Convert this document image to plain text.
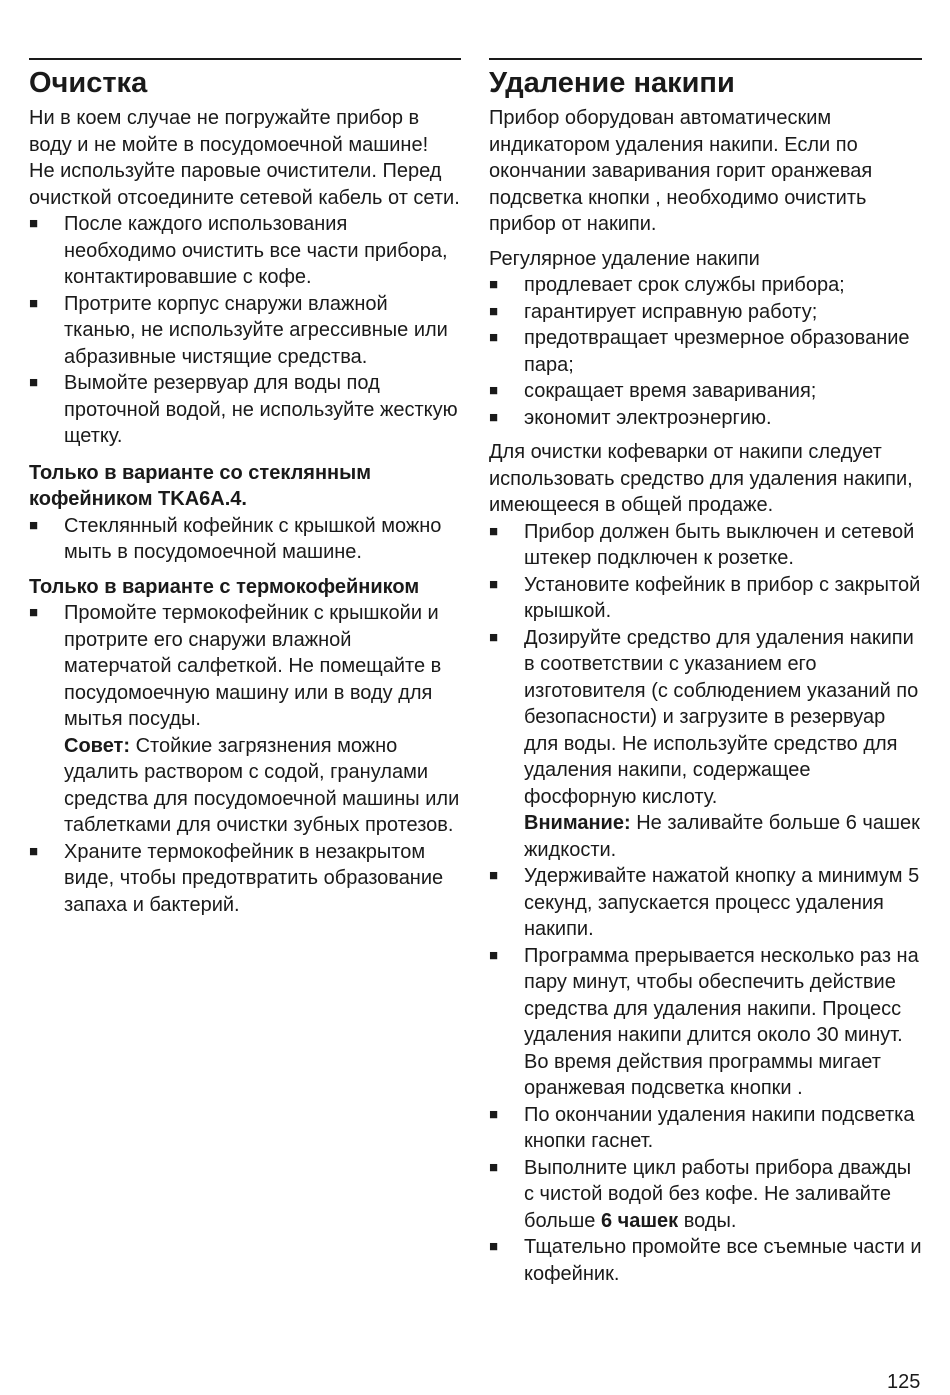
Очистка

Ни в коем случае не погружайте прибор в воду и не мойте в посудомоечной машине!

Не используйте паровые очистители. Перед очисткой отсоедините сетевой кабель от сети.

■ После каждого использования необходимо очистить все части прибора, контактировавшие с кофе.
■ Протрите корпус снаружи влажной тканью, не используйте агрессивные или абразивные чистящие средства.
■ Вымойте резервуар для воды под проточной водой, не используйте жесткую щетку.

Только в варианте со стеклянным кофейником TKA6A.4.

■ Стеклянный кофейник с крышкой можно мыть в посудомоечной машине.

Только в варианте с термокофейником

■ Промойте термокофейник с крышкойи и протрите его снаружи влажной матерчатой салфеткой. Не помещайте в посудомоечную машину или в воду для мытья посуды.
Совет: Стойкие загрязнения можно удалить раствором с содой, гранулами средства для посудомоечной машины или таблетками для очистки зубных протезов.
■ Храните термокофейник в незакрытом виде, чтобы предотвратить образование запаха и бактерий.
Удаление накипи

Прибор оборудован автоматическим индикатором удаления накипи. Если по окончании заваривания горит оранжевая подсветка кнопки , необходимо очистить прибор от накипи.

Регулярное удаление накипи

■ продлевает срок службы прибора;
■ гарантирует исправную работу;
■ предотвращает чрезмерное образование пара;
■ сокращает время заваривания;
■ экономит электроэнергию.

Для очистки кофеварки от накипи следует использовать средство для удаления накипи, имеющееся в общей продаже.

■ Прибор должен быть выключен и сетевой штекер подключен к розетке.
■ Установите кофейник в прибор с закрытой крышкой.
■ Дозируйте средство для удаления накипи в соответствии с указанием его изготовителя (с соблюдением указаний по безопасности) и загрузите в резервуар для воды. Не используйте средство для удаления накипи, содержащее фосфорную кислоту.
Внимание: Не заливайте больше 6 чашек жидкости.
■ Удерживайте нажатой кнопку a минимум 5 секунд, запускается процесс удаления накипи.
■ Программа прерывается несколько раз на пару минут, чтобы обеспечить действие средства для удаления накипи. Процесс удаления накипи длится около 30 минут.
Во время действия программы мигает оранжевая подсветка кнопки .
■ По окончании удаления накипи подсветка кнопки гаснет.
■ Выполните цикл работы прибора дважды с чистой водой без кофе. Не заливайте больше 6 чашек воды.
■ Тщательно промойте все съемные части и кофейник.
125
